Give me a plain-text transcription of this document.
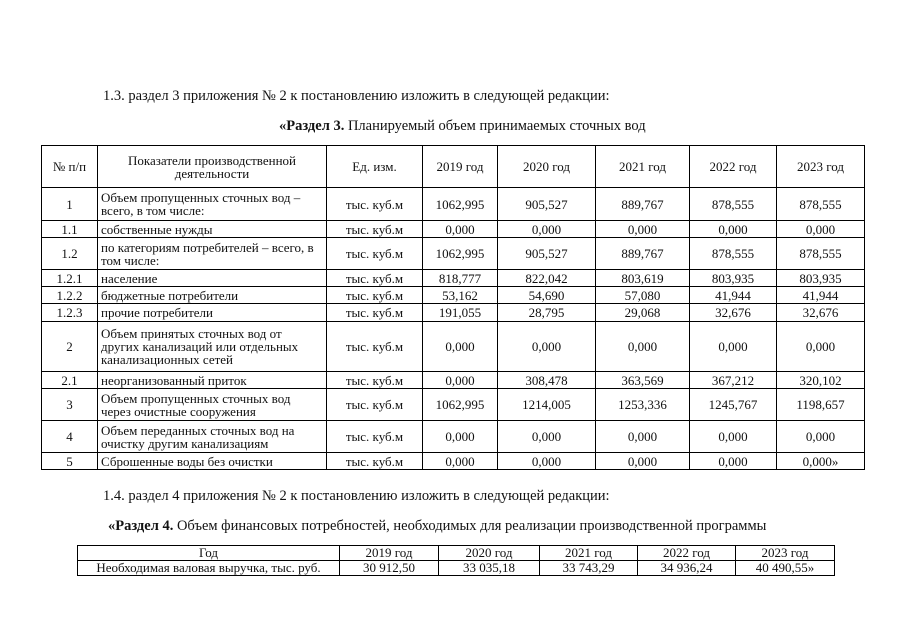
1.3. раздел 3 приложения № 2 к постановлению изложить в следующей редакции:

«Раздел 3. Планируемый объем принимаемых сточных вод

№ п/п	Показатели производственной деятельности	Ед. изм.	2019 год	2020 год	2021 год	2022 год	2023 год
1	Объем пропущенных сточных вод – всего, в том числе:	тыс. куб.м	1062,995	905,527	889,767	878,555	878,555
1.1	собственные нужды	тыс. куб.м	0,000	0,000	0,000	0,000	0,000
1.2	по категориям потребителей – всего, в том числе:	тыс. куб.м	1062,995	905,527	889,767	878,555	878,555
1.2.1	население	тыс. куб.м	818,777	822,042	803,619	803,935	803,935
1.2.2	бюджетные потребители	тыс. куб.м	53,162	54,690	57,080	41,944	41,944
1.2.3	прочие потребители	тыс. куб.м	191,055	28,795	29,068	32,676	32,676
2	Объем принятых сточных вод от других канализаций или отдельных канализационных сетей	тыс. куб.м	0,000	0,000	0,000	0,000	0,000
2.1	неорганизованный приток	тыс. куб.м	0,000	308,478	363,569	367,212	320,102
3	Объем пропущенных сточных вод через очистные сооружения	тыс. куб.м	1062,995	1214,005	1253,336	1245,767	1198,657
4	Объем переданных сточных вод на очистку другим канализациям	тыс. куб.м	0,000	0,000	0,000	0,000	0,000
5	Сброшенные воды без очистки	тыс. куб.м	0,000	0,000	0,000	0,000	0,000»

1.4. раздел 4 приложения № 2 к постановлению изложить в следующей редакции:

«Раздел 4. Объем финансовых потребностей, необходимых для реализации производственной программы

Год	2019 год	2020 год	2021 год	2022 год	2023 год
Необходимая валовая выручка, тыс. руб.	30 912,50	33 035,18	33 743,29	34 936,24	40 490,55»
